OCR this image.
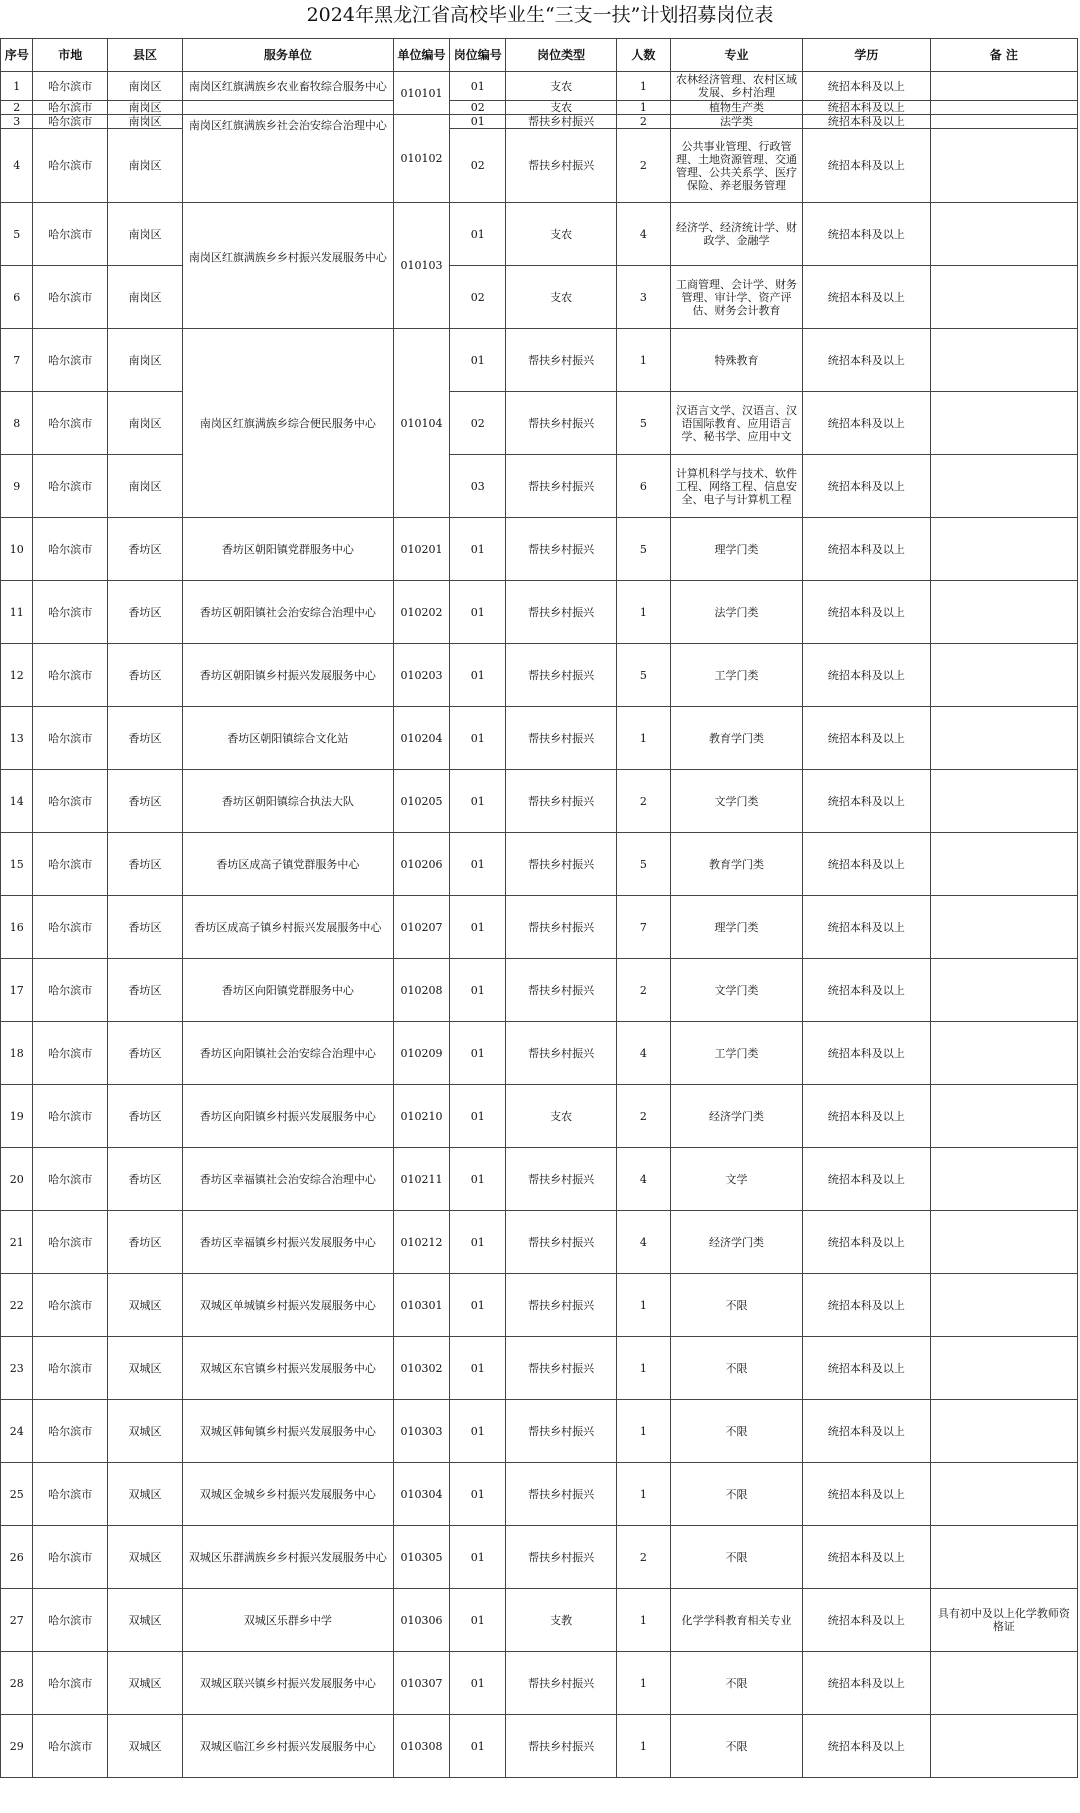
2024年黑龙江省高校毕业生“三支一扶”计划招募岗位表
序号	市地	县区	服务单位	单位编号	岗位编号	岗位类型	人数	专业	学历	备 注
1	哈尔滨市	南岗区	南岗区红旗满族乡农业畜牧综合服务中心	010101	01	支农	1	农林经济管理、农村区域发展、乡村治理	统招本科及以上	
2	哈尔滨市	南岗区			02	支农	1	植物生产类	统招本科及以上	
3	哈尔滨市	南岗区	南岗区红旗满族乡社会治安综合治理中心	010102	01	帮扶乡村振兴	2	法学类	统招本科及以上	
4	哈尔滨市	南岗区			02	帮扶乡村振兴	2	公共事业管理、行政管理、土地资源管理、交通管理、公共关系学、医疗保险、养老服务管理	统招本科及以上	
5	哈尔滨市	南岗区	南岗区红旗满族乡乡村振兴发展服务中心	010103	01	支农	4	经济学、经济统计学、财政学、金融学	统招本科及以上	
6	哈尔滨市	南岗区			02	支农	3	工商管理、会计学、财务管理、审计学、资产评估、财务会计教育	统招本科及以上	
7	哈尔滨市	南岗区	南岗区红旗满族乡综合便民服务中心	010104	01	帮扶乡村振兴	1	特殊教育	统招本科及以上	
8	哈尔滨市	南岗区			02	帮扶乡村振兴	5	汉语言文学、汉语言、汉语国际教育、应用语言学、秘书学、应用中文	统招本科及以上	
9	哈尔滨市	南岗区			03	帮扶乡村振兴	6	计算机科学与技术、软件工程、网络工程、信息安全、电子与计算机工程	统招本科及以上	
10	哈尔滨市	香坊区	香坊区朝阳镇党群服务中心	010201	01	帮扶乡村振兴	5	理学门类	统招本科及以上	
11	哈尔滨市	香坊区	香坊区朝阳镇社会治安综合治理中心	010202	01	帮扶乡村振兴	1	法学门类	统招本科及以上	
12	哈尔滨市	香坊区	香坊区朝阳镇乡村振兴发展服务中心	010203	01	帮扶乡村振兴	5	工学门类	统招本科及以上	
13	哈尔滨市	香坊区	香坊区朝阳镇综合文化站	010204	01	帮扶乡村振兴	1	教育学门类	统招本科及以上	
14	哈尔滨市	香坊区	香坊区朝阳镇综合执法大队	010205	01	帮扶乡村振兴	2	文学门类	统招本科及以上	
15	哈尔滨市	香坊区	香坊区成高子镇党群服务中心	010206	01	帮扶乡村振兴	5	教育学门类	统招本科及以上	
16	哈尔滨市	香坊区	香坊区成高子镇乡村振兴发展服务中心	010207	01	帮扶乡村振兴	7	理学门类	统招本科及以上	
17	哈尔滨市	香坊区	香坊区向阳镇党群服务中心	010208	01	帮扶乡村振兴	2	文学门类	统招本科及以上	
18	哈尔滨市	香坊区	香坊区向阳镇社会治安综合治理中心	010209	01	帮扶乡村振兴	4	工学门类	统招本科及以上	
19	哈尔滨市	香坊区	香坊区向阳镇乡村振兴发展服务中心	010210	01	支农	2	经济学门类	统招本科及以上	
20	哈尔滨市	香坊区	香坊区幸福镇社会治安综合治理中心	010211	01	帮扶乡村振兴	4	文学	统招本科及以上	
21	哈尔滨市	香坊区	香坊区幸福镇乡村振兴发展服务中心	010212	01	帮扶乡村振兴	4	经济学门类	统招本科及以上	
22	哈尔滨市	双城区	双城区单城镇乡村振兴发展服务中心	010301	01	帮扶乡村振兴	1	不限	统招本科及以上	
23	哈尔滨市	双城区	双城区东官镇乡村振兴发展服务中心	010302	01	帮扶乡村振兴	1	不限	统招本科及以上	
24	哈尔滨市	双城区	双城区韩甸镇乡村振兴发展服务中心	010303	01	帮扶乡村振兴	1	不限	统招本科及以上	
25	哈尔滨市	双城区	双城区金城乡乡村振兴发展服务中心	010304	01	帮扶乡村振兴	1	不限	统招本科及以上	
26	哈尔滨市	双城区	双城区乐群满族乡乡村振兴发展服务中心	010305	01	帮扶乡村振兴	2	不限	统招本科及以上	
27	哈尔滨市	双城区	双城区乐群乡中学	010306	01	支教	1	化学学科教育相关专业	统招本科及以上	具有初中及以上化学教师资格证
28	哈尔滨市	双城区	双城区联兴镇乡村振兴发展服务中心	010307	01	帮扶乡村振兴	1	不限	统招本科及以上	
29	哈尔滨市	双城区	双城区临江乡乡村振兴发展服务中心	010308	01	帮扶乡村振兴	1	不限	统招本科及以上	
